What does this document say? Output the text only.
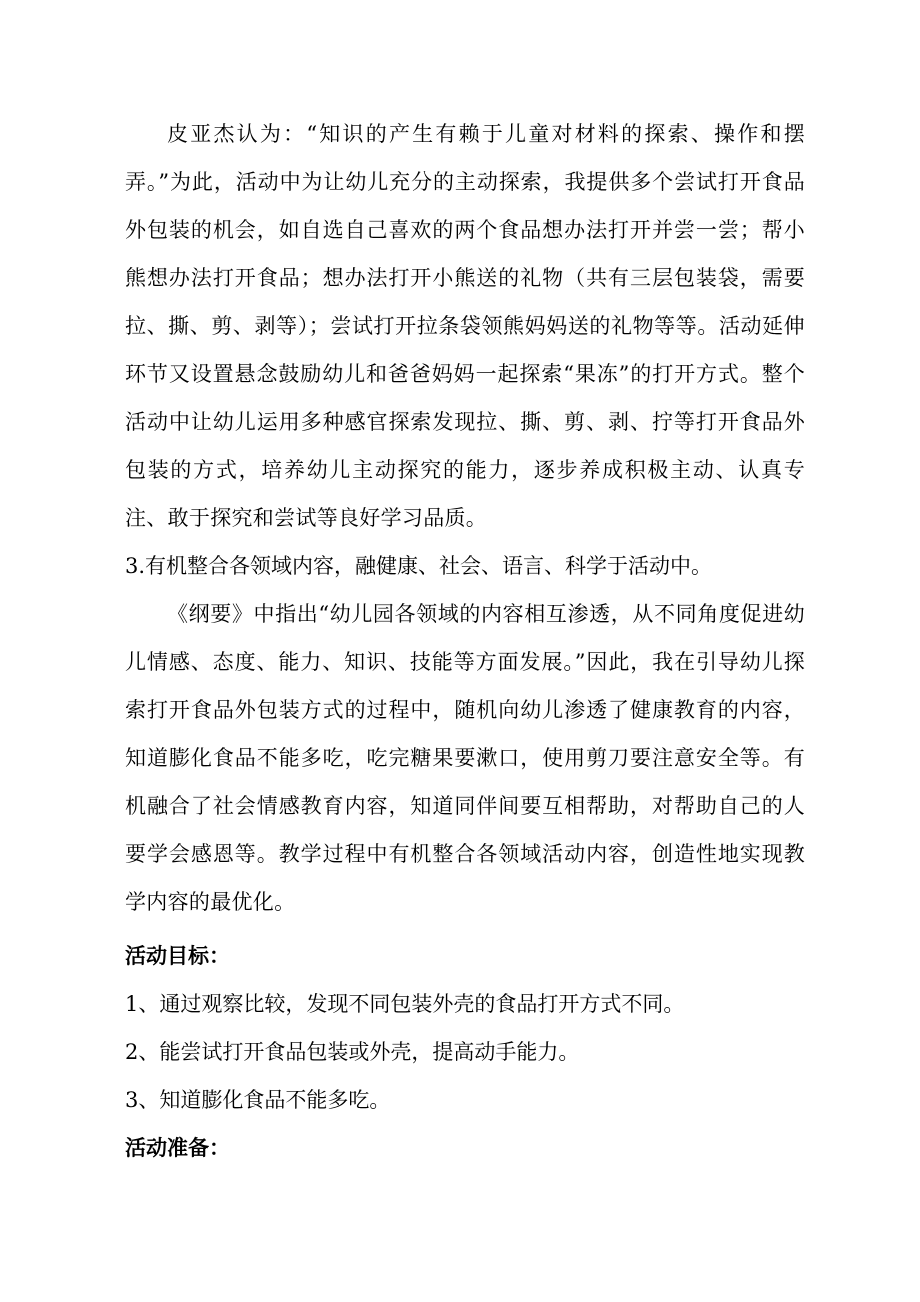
皮亚杰认为：“知识的产生有赖于儿童对材料的探索、操作和摆弄。”为此，活动中为让幼儿充分的主动探索，我提供多个尝试打开食品外包装的机会，如自选自己喜欢的两个食品想办法打开并尝一尝；帮小熊想办法打开食品；想办法打开小熊送的礼物（共有三层包装袋，需要拉、撕、剪、剥等）；尝试打开拉条袋领熊妈妈送的礼物等等。活动延伸环节又设置悬念鼓励幼儿和爸爸妈妈一起探索“果冻”的打开方式。整个活动中让幼儿运用多种感官探索发现拉、撕、剪、剥、拧等打开食品外包装的方式，培养幼儿主动探究的能力，逐步养成积极主动、认真专注、敢于探究和尝试等良好学习品质。

3.有机整合各领域内容，融健康、社会、语言、科学于活动中。

《纲要》中指出“幼儿园各领域的内容相互渗透，从不同角度促进幼儿情感、态度、能力、知识、技能等方面发展。”因此，我在引导幼儿探索打开食品外包装方式的过程中，随机向幼儿渗透了健康教育的内容，知道膨化食品不能多吃，吃完糖果要漱口，使用剪刀要注意安全等。有机融合了社会情感教育内容，知道同伴间要互相帮助，对帮助自己的人要学会感恩等。教学过程中有机整合各领域活动内容，创造性地实现教学内容的最优化。

活动目标：

1、通过观察比较，发现不同包装外壳的食品打开方式不同。

2、能尝试打开食品包装或外壳，提高动手能力。

3、知道膨化食品不能多吃。

活动准备：
